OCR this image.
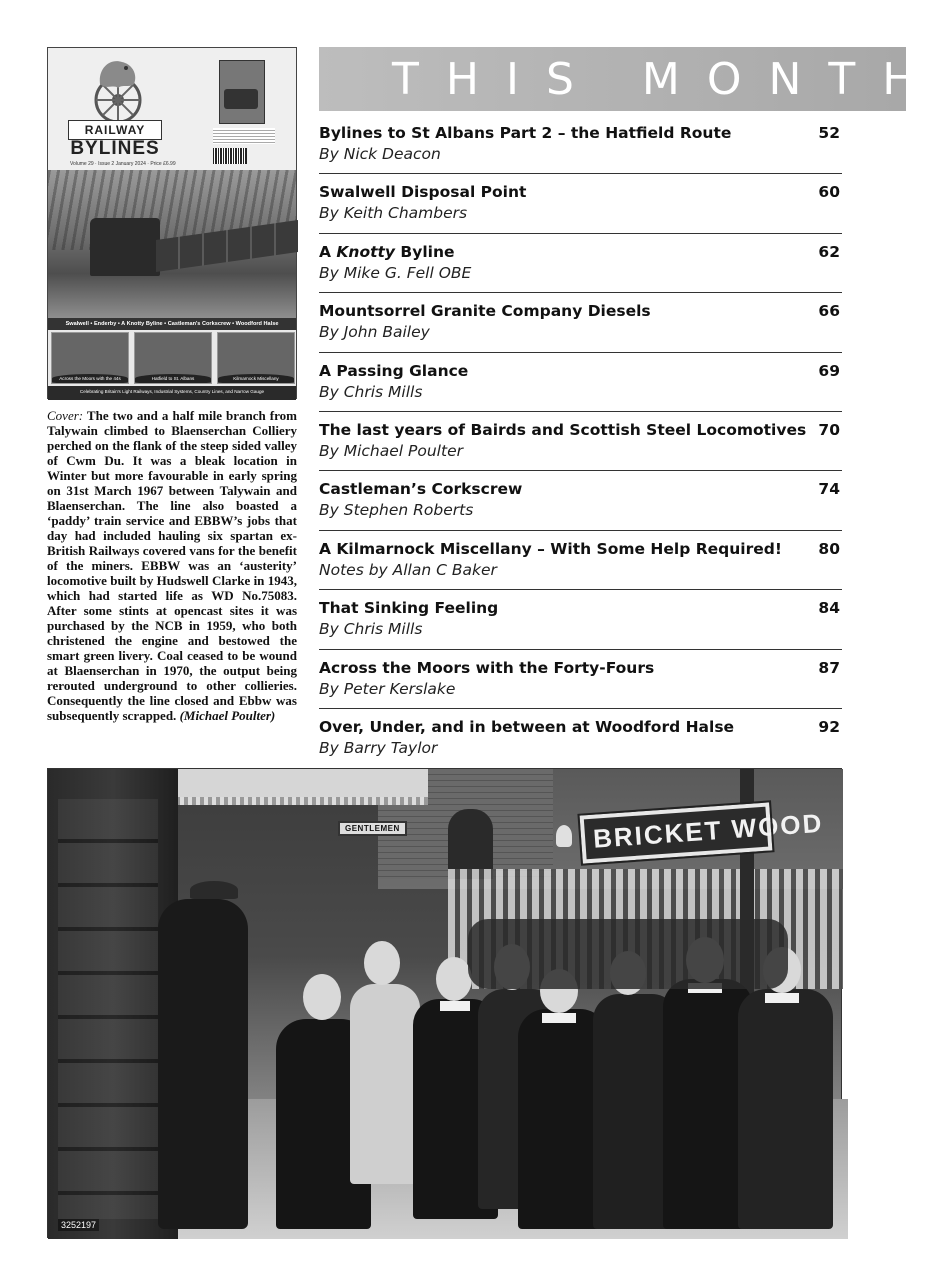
RAILWAY
BYLINES
Volume 29 · Issue 2 January 2024 · Price £6.99
Swalwell • Enderby • A Knotty Byline • Castleman's Corkscrew • Woodford Halse
Across the Moors with the 44s	Hatfield to St. Albans	Kilmarnock Miscellany
Celebrating Britain's Light Railways, Industrial Systems, Country Lines, and Narrow Gauge
Cover: The two and a half mile branch from Talywain climbed to Blaenserchan Colliery perched on the flank of the steep sided valley of Cwm Du. It was a bleak location in Winter but more favourable in early spring on 31st March 1967 between Talywain and Blaenserchan. The line also boasted a ‘paddy’ train service and EBBW’s jobs that day had included hauling six spartan ex-British Railways covered vans for the benefit of the miners. EBBW was an ‘austerity’ locomotive built by Hudswell Clarke in 1943, which had started life as WD No.75083. After some stints at opencast sites it was purchased by the NCB in 1959, who both christened the engine and bestowed the smart green livery. Coal ceased to be wound at Blaenserchan in 1970, the output being rerouted underground to other collieries. Consequently the line closed and Ebbw was subsequently scrapped. (Michael Poulter)
THIS MONTH
Bylines to St Albans Part 2 – the Hatfield Route
By Nick Deacon
52
Swalwell Disposal Point
By Keith Chambers
60
A Knotty Byline
By Mike G. Fell OBE
62
Mountsorrel Granite Company Diesels
By John Bailey
66
A Passing Glance
By Chris Mills
69
The last years of Bairds and Scottish Steel Locomotives
By Michael Poulter
70
Castleman’s Corkscrew
By Stephen Roberts
74
A Kilmarnock Miscellany – With Some Help Required!
Notes by Allan C Baker
80
That Sinking Feeling
By Chris Mills
84
Across the Moors with the Forty-Fours
By Peter Kerslake
87
Over, Under, and in between at Woodford Halse
By Barry Taylor
92
GENTLEMEN	BRICKET WOOD
3252197
